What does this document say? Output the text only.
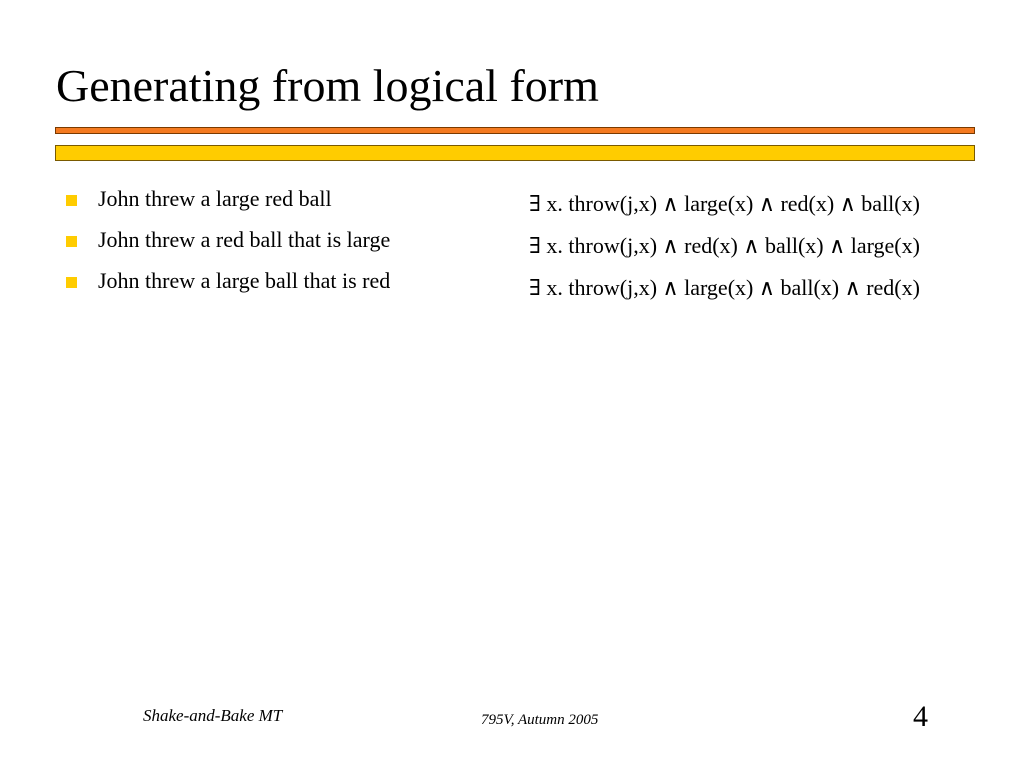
Generating from logical form
John threw a large red ball
John threw a red ball that is large
John threw a large ball that is red
∃ x. throw(j,x) ∧ large(x) ∧ red(x) ∧ ball(x)
∃ x. throw(j,x) ∧ red(x) ∧ ball(x) ∧ large(x)
∃ x. throw(j,x) ∧ large(x) ∧ ball(x) ∧ red(x)
Shake-and-Bake MT	795V, Autumn 2005	4
